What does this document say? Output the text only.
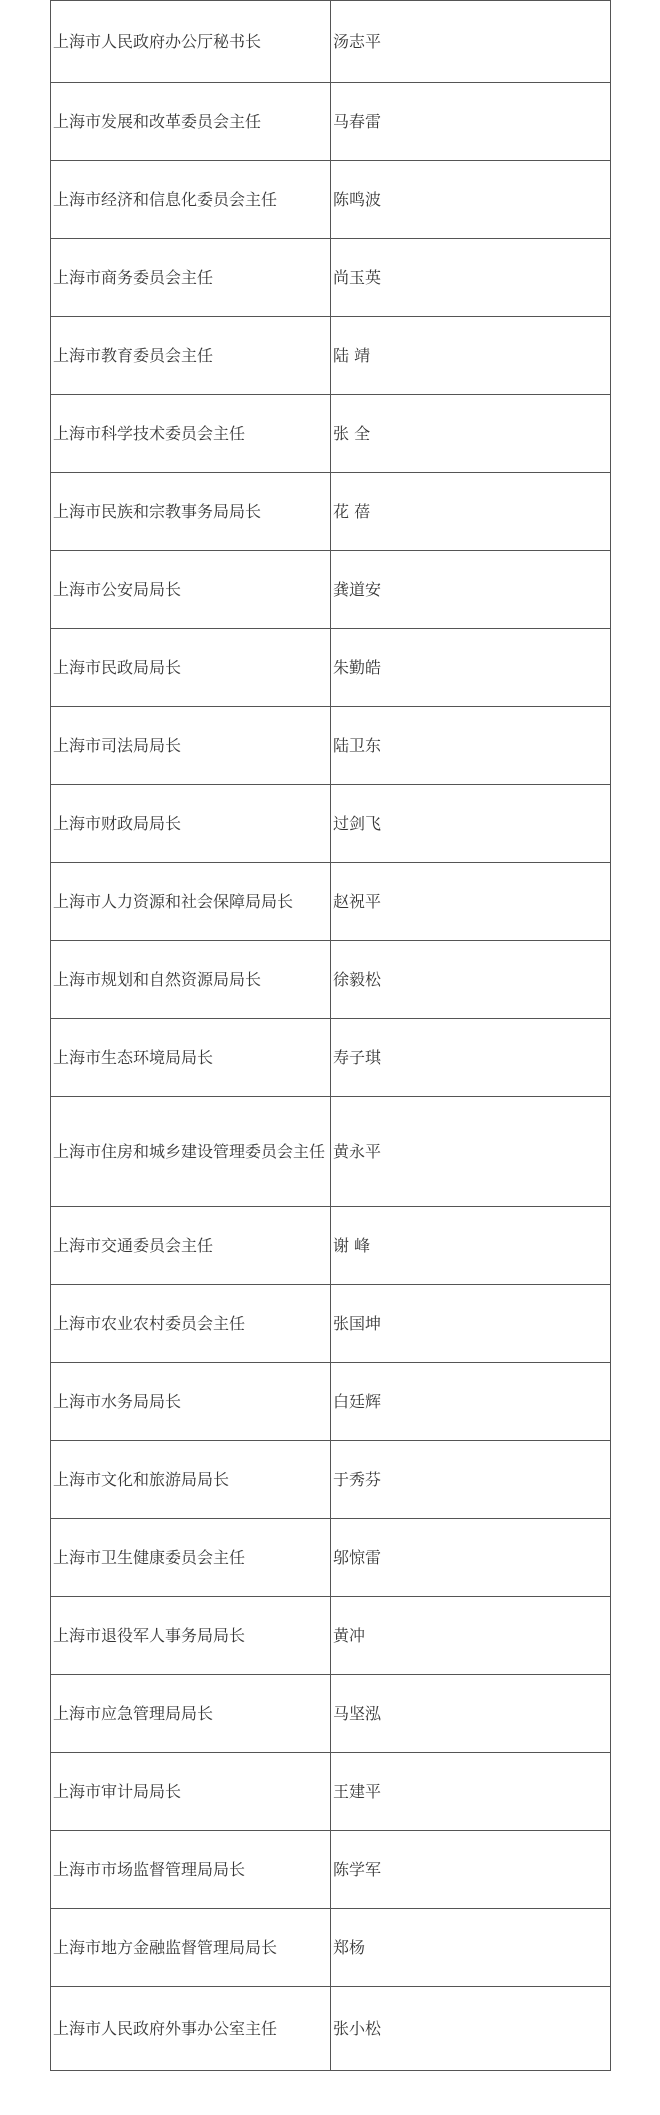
上海市人民政府办公厅秘书长	汤志平
上海市发展和改革委员会主任	马春雷
上海市经济和信息化委员会主任	陈鸣波
上海市商务委员会主任	尚玉英
上海市教育委员会主任	陆 靖
上海市科学技术委员会主任	张 全
上海市民族和宗教事务局局长	花 蓓
上海市公安局局长	龚道安
上海市民政局局长	朱勤皓
上海市司法局局长	陆卫东
上海市财政局局长	过剑飞
上海市人力资源和社会保障局局长	赵祝平
上海市规划和自然资源局局长	徐毅松
上海市生态环境局局长	寿子琪
上海市住房和城乡建设管理委员会主任	黄永平
上海市交通委员会主任	谢 峰
上海市农业农村委员会主任	张国坤
上海市水务局局长	白廷辉
上海市文化和旅游局局长	于秀芬
上海市卫生健康委员会主任	邬惊雷
上海市退役军人事务局局长	黄冲
上海市应急管理局局长	马坚泓
上海市审计局局长	王建平
上海市市场监督管理局局长	陈学军
上海市地方金融监督管理局局长	郑杨
上海市人民政府外事办公室主任	张小松
